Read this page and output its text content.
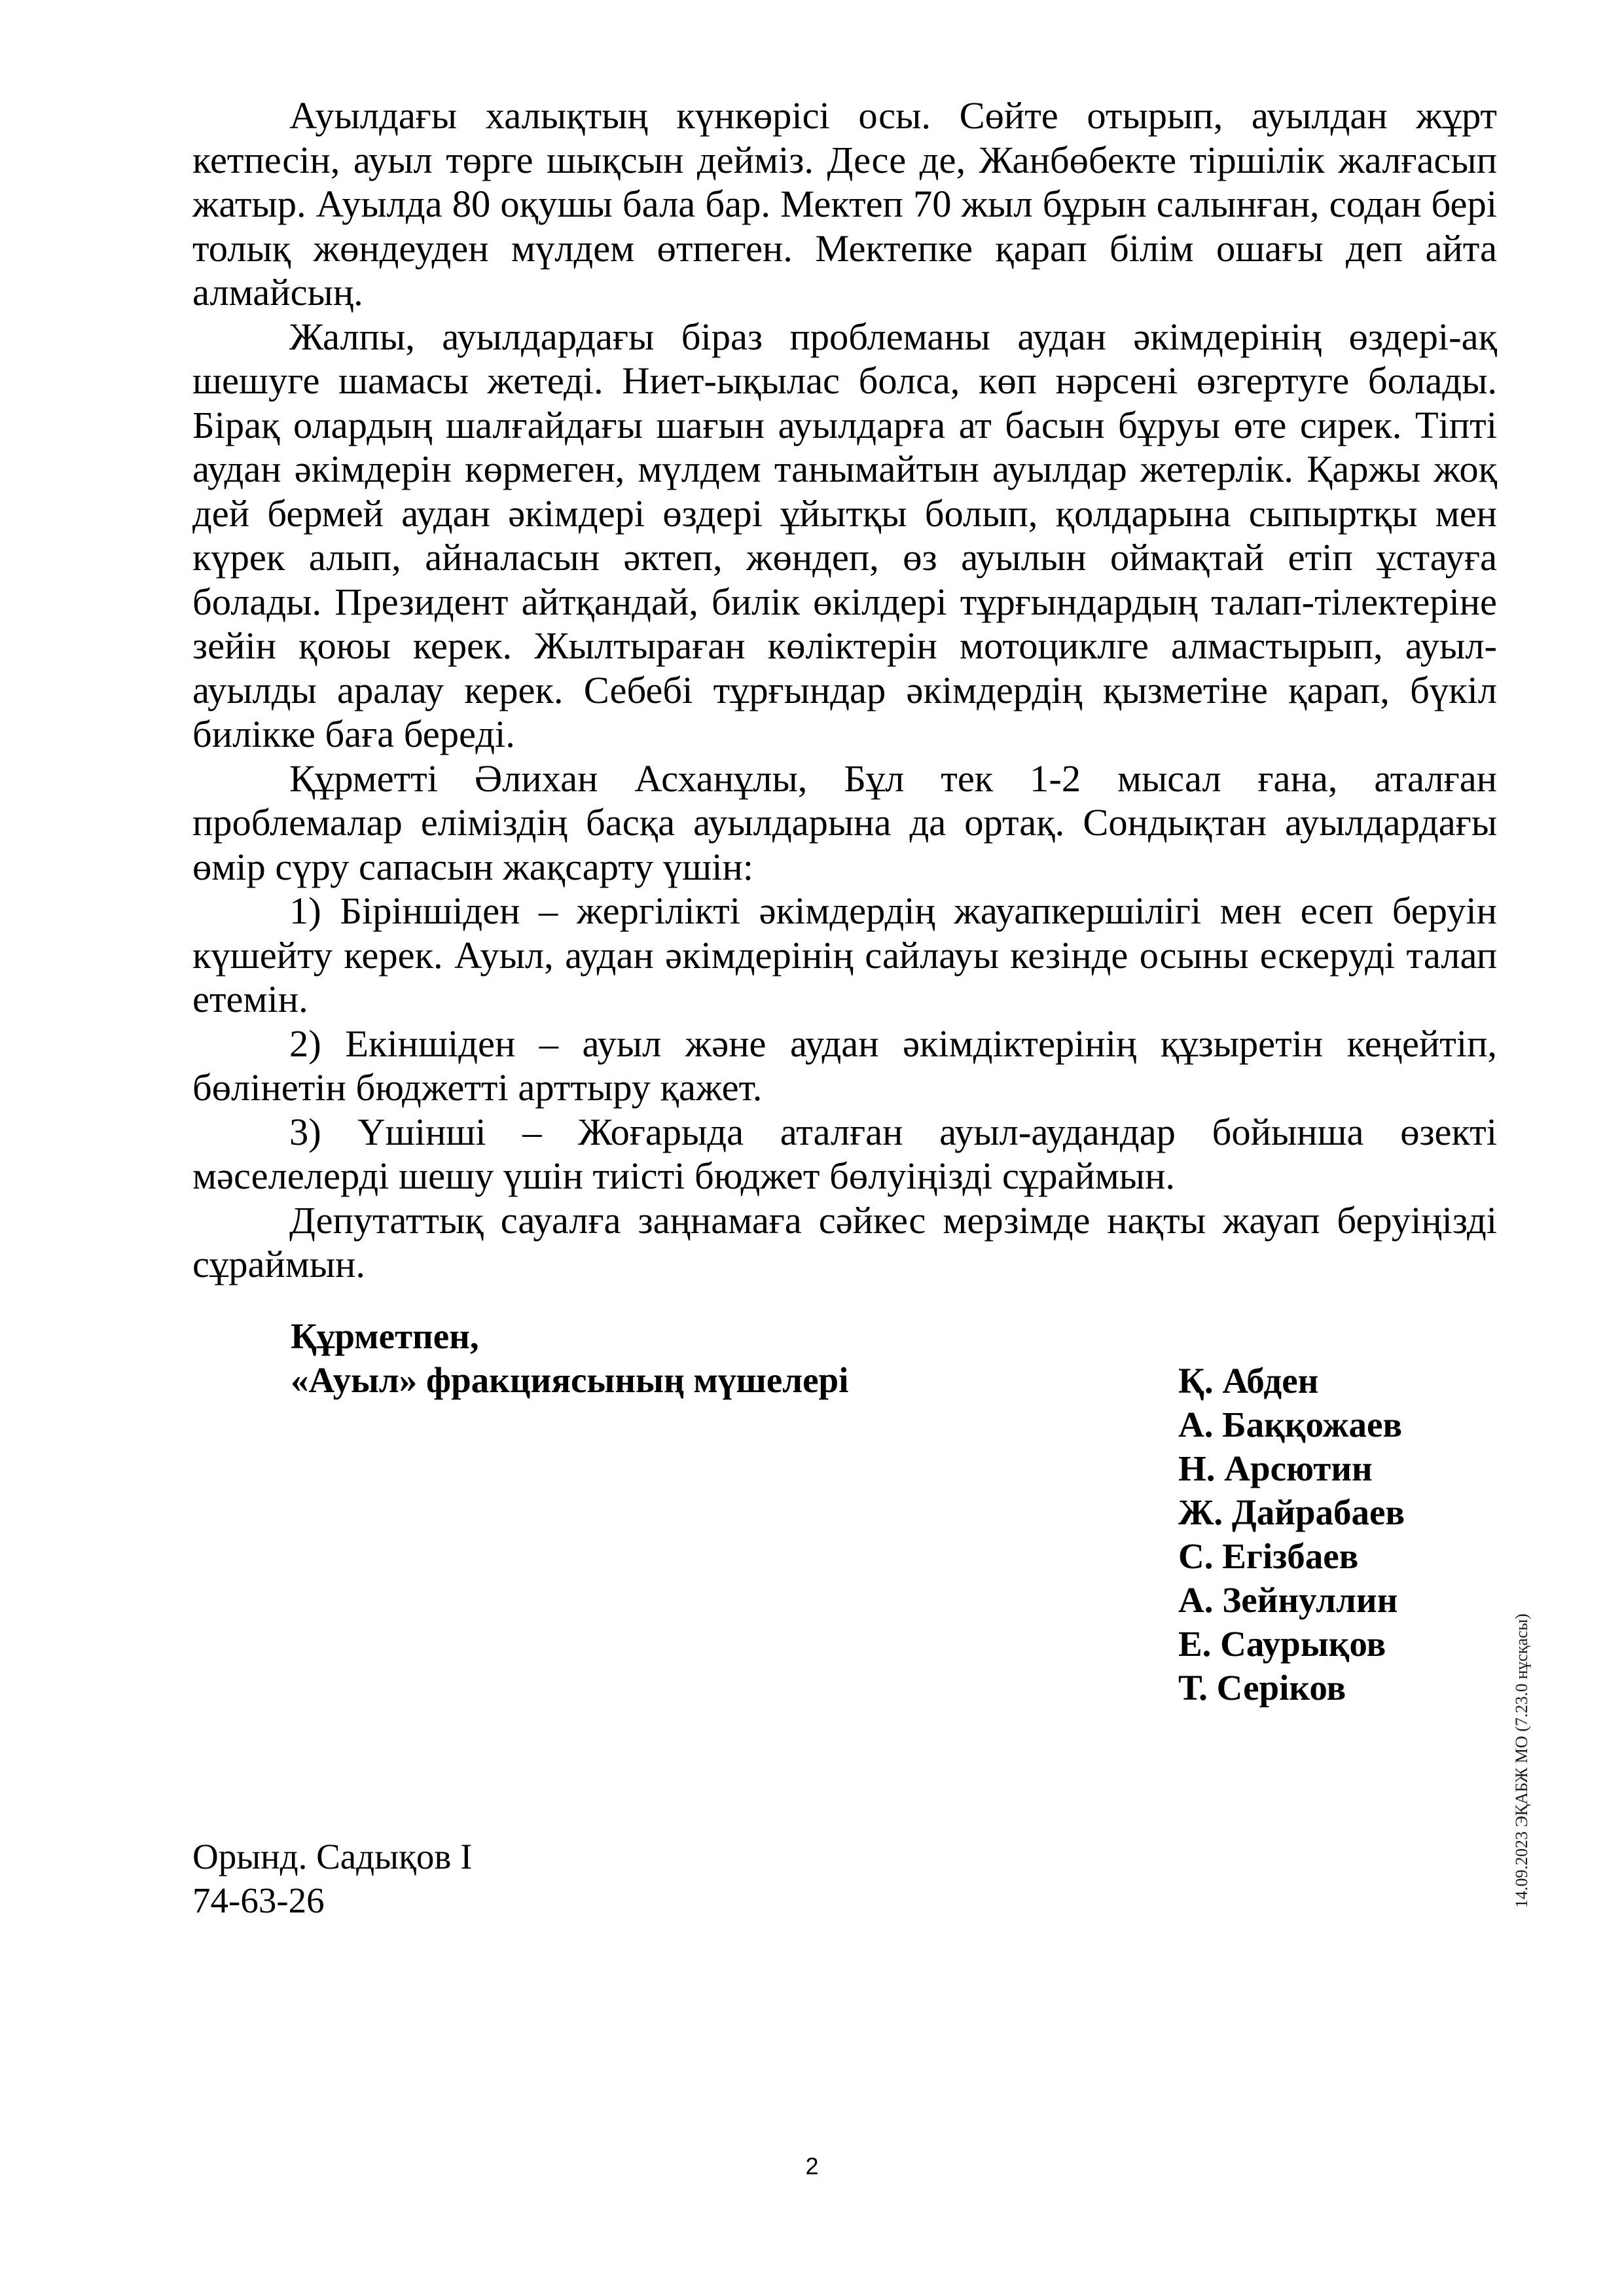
Ауылдағы халықтың күнкөрісі осы. Сөйте отырып, ауылдан жұрт кетпесін, ауыл төрге шықсын дейміз. Десе де, Жанбөбекте тіршілік жалғасып жатыр. Ауылда 80 оқушы бала бар. Мектеп 70 жыл бұрын салынған, содан бері толық жөндеуден мүлдем өтпеген. Мектепке қарап білім ошағы деп айта алмайсың.

Жалпы, ауылдардағы біраз проблеманы аудан әкімдерінің өздері-ақ шешуге шамасы жетеді. Ниет-ықылас болса, көп нәрсені өзгертуге болады. Бірақ олардың шалғайдағы шағын ауылдарға ат басын бұруы өте сирек. Тіпті аудан әкімдерін көрмеген, мүлдем танымайтын ауылдар жетерлік. Қаржы жоқ дей бермей аудан әкімдері өздері ұйытқы болып, қолдарына сыпыртқы мен күрек алып, айналасын әктеп, жөндеп, өз ауылын оймақтай етіп ұстауға болады. Президент айтқандай, билік өкілдері тұрғындардың талап-тілектеріне зейін қоюы керек. Жылтыраған көліктерін мотоциклге алмастырып, ауыл-ауылды аралау керек. Себебі тұрғындар әкімдердің қызметіне қарап, бүкіл билікке баға береді.

Құрметті Әлихан Асханұлы, Бұл тек 1-2 мысал ғана, аталған проблемалар еліміздің басқа ауылдарына да ортақ. Сондықтан ауылдардағы өмір сүру сапасын жақсарту үшін:

1) Біріншіден – жергілікті әкімдердің жауапкершілігі мен есеп беруін күшейту керек. Ауыл, аудан әкімдерінің сайлауы кезінде осыны ескеруді талап етемін.

2) Екіншіден – ауыл және аудан әкімдіктерінің құзыретін кеңейтіп, бөлінетін бюджетті арттыру қажет.

3) Үшінші – Жоғарыда аталған ауыл-аудандар бойынша өзекті мәселелерді шешу үшін тиісті бюджет бөлуіңізді сұраймын.

Депутаттық сауалға заңнамаға сәйкес мерзімде нақты жауап беруіңізді сұраймын.

Құрметпен,
«Ауыл» фракциясының мүшелері	Қ. Абден
А. Баққожаев
Н. Арсютин
Ж. Дайрабаев
С. Егізбаев
А. Зейнуллин
Е. Саурықов
Т. Серіков
Орынд. Садықов І
74-63-26	14.09.2023 ЭҚАБЖ МО (7.23.0 нұсқасы)
2
